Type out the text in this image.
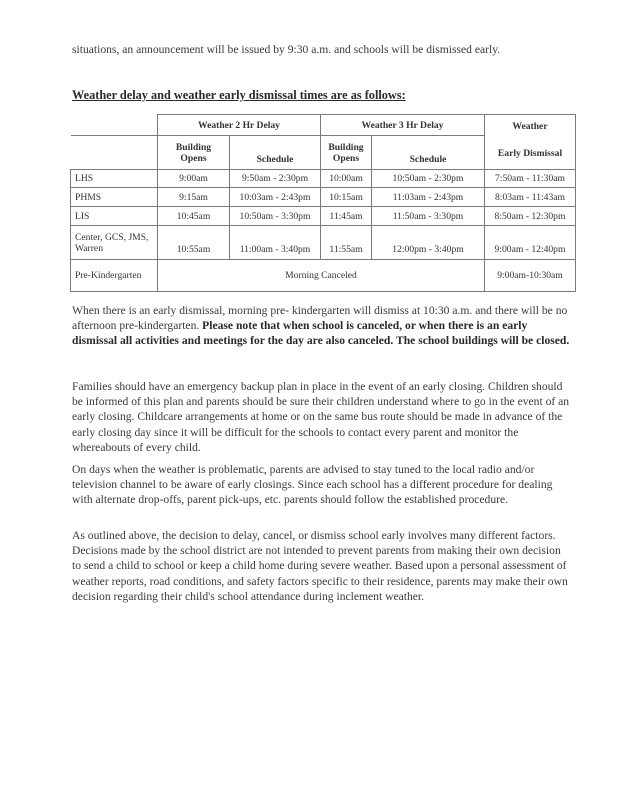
situations, an announcement will be issued by 9:30 a.m. and schools will be dismissed early.

Weather delay and weather early dismissal times are as follows:

	Weather 2 Hr Delay		Weather 3 Hr Delay		Weather
Early Dismissal

	Building Opens	Schedule	Building Opens	Schedule	
LHS	9:00am	9:50am - 2:30pm	10:00am	10:50am - 2:30pm	7:50am - 11:30am
PHMS	9:15am	10:03am - 2:43pm	10:15am	11:03am - 2:43pm	8:03am - 11:43am
LIS	10:45am	10:50am - 3:30pm	11:45am	11:50am - 3:30pm	8:50am - 12:30pm
Center, GCS, JMS, Warren	10:55am	11:00am - 3:40pm	11:55am	12:00pm - 3:40pm	9:00am - 12:40pm
Pre-Kindergarten	Morning Canceled				9:00am-10:30am

When there is an early dismissal, morning pre- kindergarten will dismiss at 10:30 a.m. and there will be no afternoon pre-kindergarten. Please note that when school is canceled, or when there is an early dismissal all activities and meetings for the day are also canceled. The school buildings will be closed.

Families should have an emergency backup plan in place in the event of an early closing. Children should be informed of this plan and parents should be sure their children understand where to go in the event of an early closing. Childcare arrangements at home or on the same bus route should be made in advance of the early closing day since it will be difficult for the schools to contact every parent and monitor the whereabouts of every child.

On days when the weather is problematic, parents are advised to stay tuned to the local radio and/or television channel to be aware of early closings. Since each school has a different procedure for dealing with alternate drop-offs, parent pick-ups, etc. parents should follow the established procedure.

As outlined above, the decision to delay, cancel, or dismiss school early involves many different factors. Decisions made by the school district are not intended to prevent parents from making their own decision to send a child to school or keep a child home during severe weather. Based upon a personal assessment of weather reports, road conditions, and safety factors specific to their residence, parents may make their own decision regarding their child's school attendance during inclement weather.
